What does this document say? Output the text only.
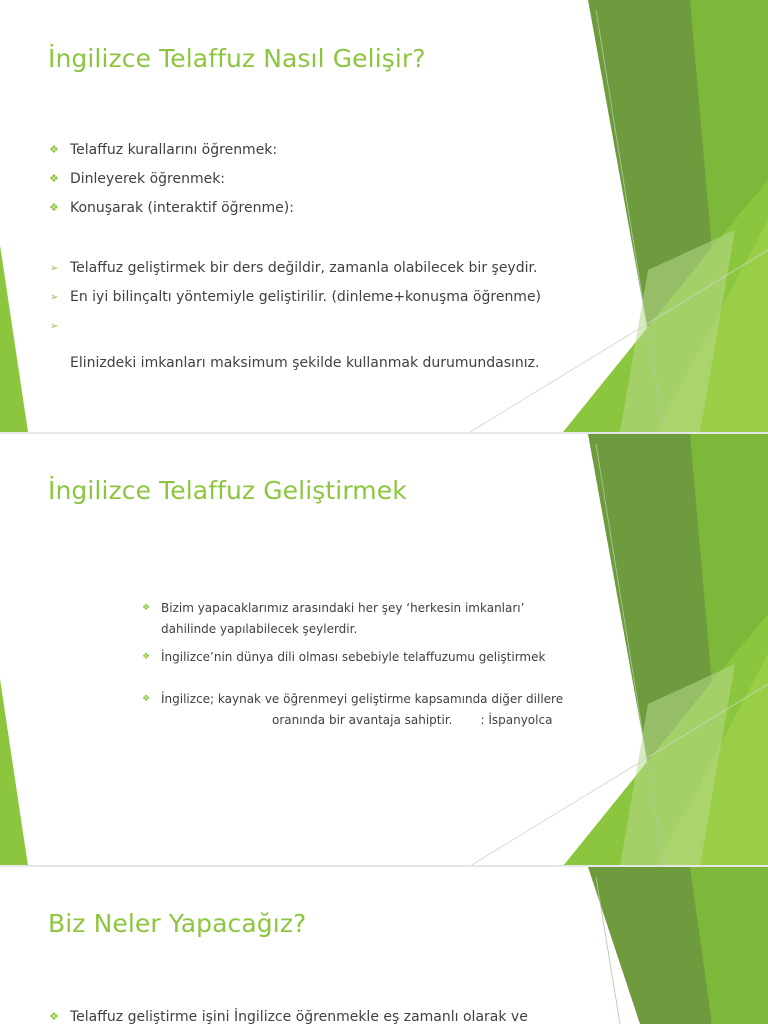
İngilizce Telaffuz Nasıl Gelişir?
❖ Telaffuz kurallarını öğrenmek:
❖ Dinleyerek öğrenmek:
❖ Konuşarak (interaktif öğrenme):
➢ Telaffuz geliştirmek bir ders değildir, zamanla olabilecek bir şeydir.
➢ En iyi bilinçaltı yöntemiyle geliştirilir. (dinleme+konuşma öğrenme)
➢
Elinizdeki imkanları maksimum şekilde kullanmak durumundasınız.
İngilizce Telaffuz Geliştirmek
❖ Bizim yapacaklarımız arasındaki her şey ‘herkesin imkanları’ dahilinde yapılabilecek şeylerdir.
❖ İngilizce’nin dünya dili olması sebebiyle telaffuzumu geliştirmek
❖ İngilizce; kaynak ve öğrenmeyi geliştirme kapsamında diğer dillere
oranında bir avantaja sahiptir. : İspanyolca
Biz Neler Yapacağız?
❖ Telaffuz geliştirme işini İngilizce öğrenmekle eş zamanlı olarak ve
